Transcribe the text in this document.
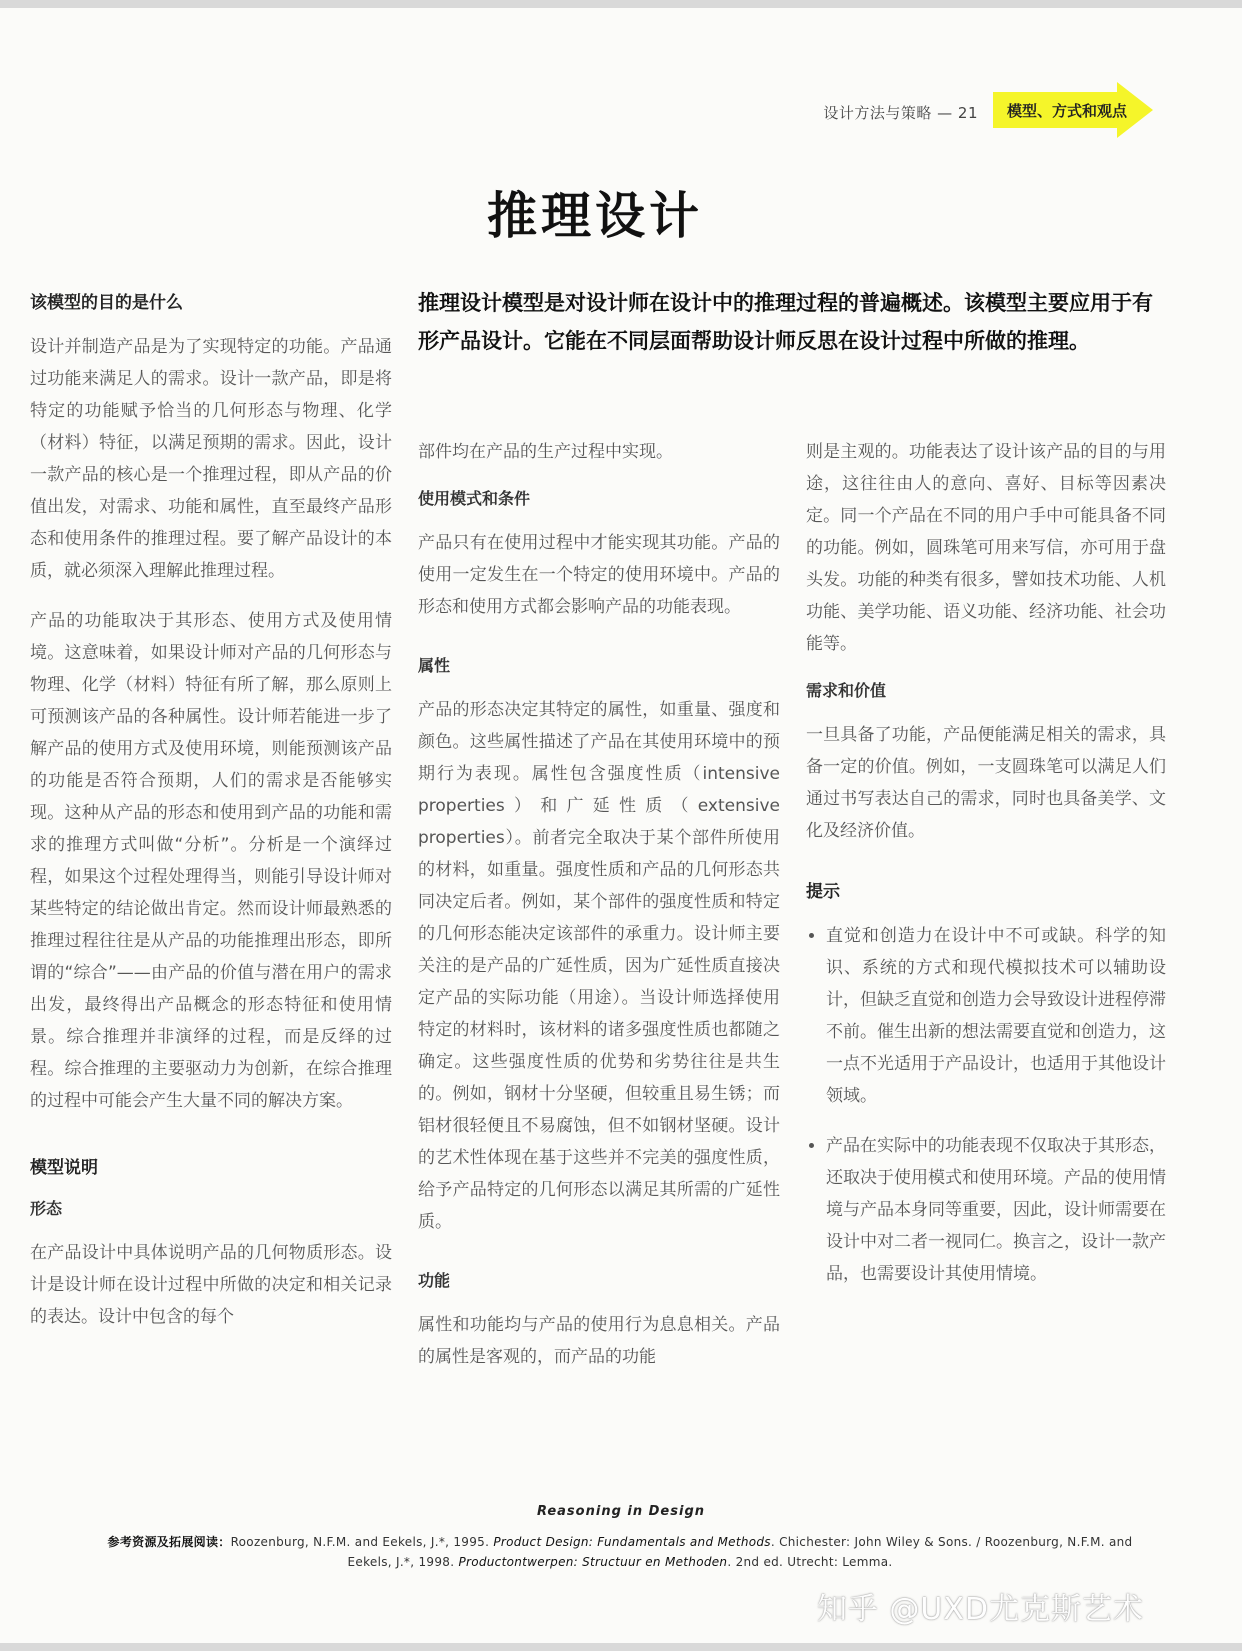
设计方法与策略 — 21 模型、方式和观点
推理设计
推理设计模型是对设计师在设计中的推理过程的普遍概述。该模型主要应用于有形产品设计。它能在不同层面帮助设计师反思在设计过程中所做的推理。
该模型的目的是什么

设计并制造产品是为了实现特定的功能。产品通过功能来满足人的需求。设计一款产品，即是将特定的功能赋予恰当的几何形态与物理、化学（材料）特征，以满足预期的需求。因此，设计一款产品的核心是一个推理过程，即从产品的价值出发，对需求、功能和属性，直至最终产品形态和使用条件的推理过程。要了解产品设计的本质，就必须深入理解此推理过程。

产品的功能取决于其形态、使用方式及使用情境。这意味着，如果设计师对产品的几何形态与物理、化学（材料）特征有所了解，那么原则上可预测该产品的各种属性。设计师若能进一步了解产品的使用方式及使用环境，则能预测该产品的功能是否符合预期，人们的需求是否能够实现。这种从产品的形态和使用到产品的功能和需求的推理方式叫做“分析”。分析是一个演绎过程，如果这个过程处理得当，则能引导设计师对某些特定的结论做出肯定。然而设计师最熟悉的推理过程往往是从产品的功能推理出形态，即所谓的“综合”——由产品的价值与潜在用户的需求出发，最终得出产品概念的形态特征和使用情景。综合推理并非演绎的过程，而是反绎的过程。综合推理的主要驱动力为创新，在综合推理的过程中可能会产生大量不同的解决方案。

模型说明
形态

在产品设计中具体说明产品的几何物质形态。设计是设计师在设计过程中所做的决定和相关记录的表达。设计中包含的每个

部件均在产品的生产过程中实现。

使用模式和条件

产品只有在使用过程中才能实现其功能。产品的使用一定发生在一个特定的使用环境中。产品的形态和使用方式都会影响产品的功能表现。

属性

产品的形态决定其特定的属性，如重量、强度和颜色。这些属性描述了产品在其使用环境中的预期行为表现。属性包含强度性质（intensive properties）和广延性质（extensive properties）。前者完全取决于某个部件所使用的材料，如重量。强度性质和产品的几何形态共同决定后者。例如，某个部件的强度性质和特定的几何形态能决定该部件的承重力。设计师主要关注的是产品的广延性质，因为广延性质直接决定产品的实际功能（用途）。当设计师选择使用特定的材料时，该材料的诸多强度性质也都随之确定。这些强度性质的优势和劣势往往是共生的。例如，钢材十分坚硬，但较重且易生锈；而铝材很轻便且不易腐蚀，但不如钢材坚硬。设计的艺术性体现在基于这些并不完美的强度性质，给予产品特定的几何形态以满足其所需的广延性质。

功能

属性和功能均与产品的使用行为息息相关。产品的属性是客观的，而产品的功能

则是主观的。功能表达了设计该产品的目的与用途，这往往由人的意向、喜好、目标等因素决定。同一个产品在不同的用户手中可能具备不同的功能。例如，圆珠笔可用来写信，亦可用于盘头发。功能的种类有很多，譬如技术功能、人机功能、美学功能、语义功能、经济功能、社会功能等。

需求和价值

一旦具备了功能，产品便能满足相关的需求，具备一定的价值。例如，一支圆珠笔可以满足人们通过书写表达自己的需求，同时也具备美学、文化及经济价值。

提示
• 直觉和创造力在设计中不可或缺。科学的知识、系统的方式和现代模拟技术可以辅助设计，但缺乏直觉和创造力会导致设计进程停滞不前。催生出新的想法需要直觉和创造力，这一点不光适用于产品设计，也适用于其他设计领域。
• 产品在实际中的功能表现不仅取决于其形态，还取决于使用模式和使用环境。产品的使用情境与产品本身同等重要，因此，设计师需要在设计中对二者一视同仁。换言之，设计一款产品，也需要设计其使用情境。
Reasoning in Design
参考资源及拓展阅读：Roozenburg, N.F.M. and Eekels, J.*, 1995. Product Design: Fundamentals and Methods. Chichester: John Wiley & Sons. / Roozenburg, N.F.M. and Eekels, J.*, 1998. Productontwerpen: Structuur en Methoden. 2nd ed. Utrecht: Lemma.
知乎 @UXD尤克斯艺术
